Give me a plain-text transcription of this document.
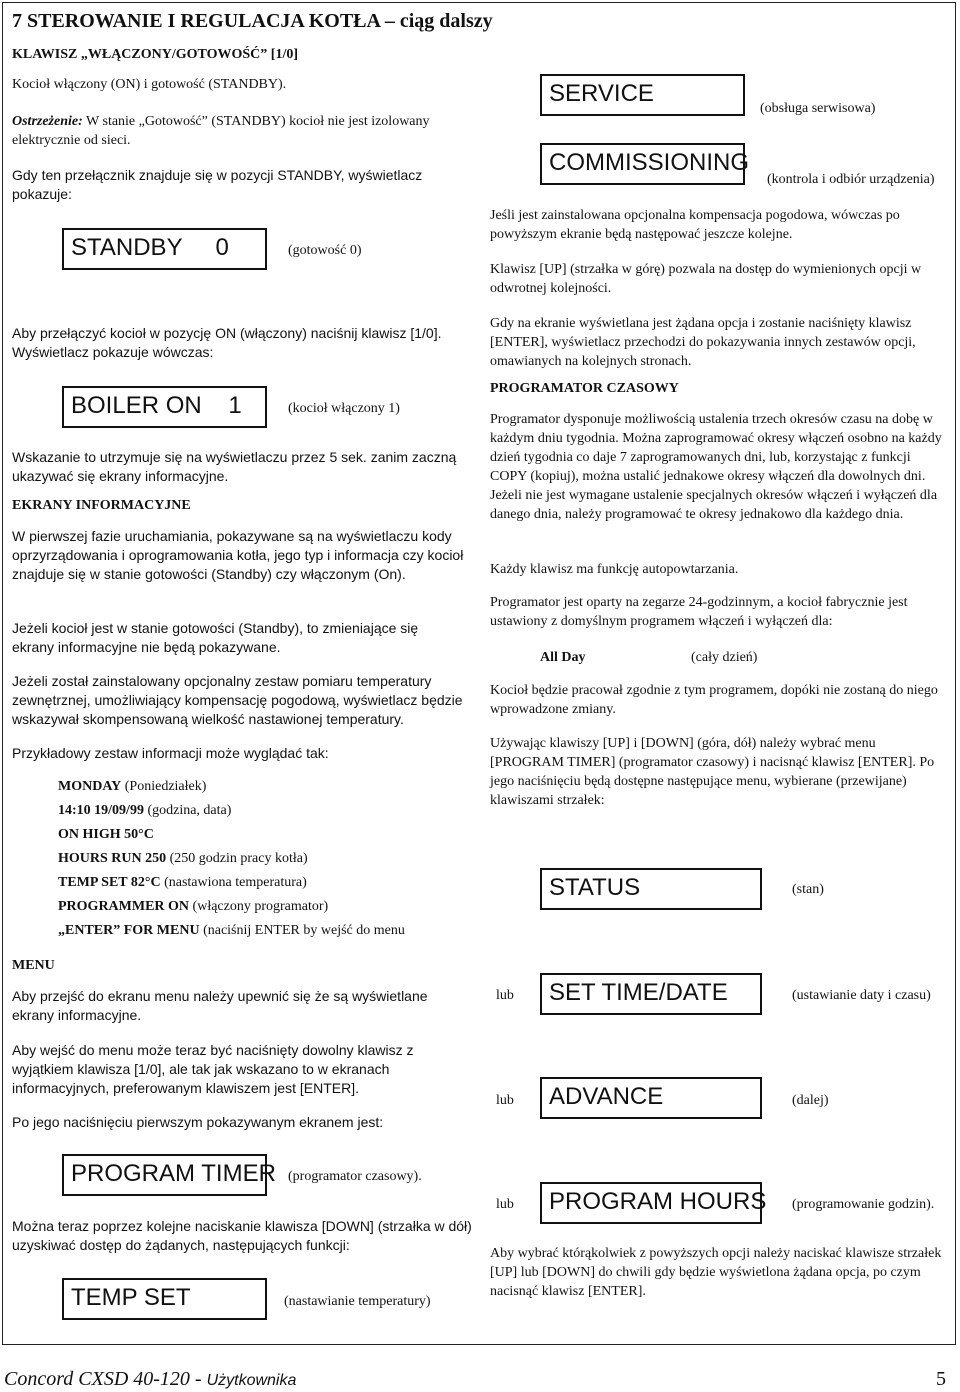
7 STEROWANIE I REGULACJA KOTŁA – ciąg dalszy
KLAWISZ „WŁĄCZONY/GOTOWOŚĆ” [1/0]
Kocioł włączony (ON) i gotowość (STANDBY).
Ostrzeżenie: W stanie „Gotowość” (STANDBY) kocioł nie jest izolowany elektrycznie od sieci.
Gdy ten przełącznik znajduje się w pozycji STANDBY, wyświetlacz pokazuje:
STANDBY     0	(gotowość 0)
Aby przełączyć kocioł w pozycję ON (włączony) naciśnij klawisz [1/0]. Wyświetlacz pokazuje wówczas:
BOILER ON    1	(kocioł włączony 1)
Wskazanie to utrzymuje się na wyświetlaczu przez 5 sek. zanim zaczną ukazywać się ekrany informacyjne.
EKRANY INFORMACYJNE
W pierwszej fazie uruchamiania, pokazywane są na wyświetlaczu kody oprzyrządowania i oprogramowania kotła, jego typ i informacja czy kocioł znajduje się w stanie gotowości (Standby) czy włączonym (On).
Jeżeli kocioł jest w stanie gotowości (Standby), to zmieniające się ekrany informacyjne nie będą pokazywane.
Jeżeli został zainstalowany opcjonalny zestaw pomiaru temperatury zewnętrznej, umożliwiający kompensację pogodową, wyświetlacz będzie wskazywał skompensowaną wielkość nastawionej temperatury.
Przykładowy zestaw informacji może wyglądać tak:
MONDAY (Poniedziałek)
14:10 19/09/99 (godzina, data)
ON HIGH 50°C
HOURS RUN 250 (250 godzin pracy kotła)
TEMP SET 82°C (nastawiona temperatura)
PROGRAMMER ON (włączony programator)
„ENTER” FOR MENU (naciśnij ENTER by wejść do menu
MENU
Aby przejść do ekranu menu należy upewnić się że są wyświetlane ekrany informacyjne.
Aby wejść do menu może teraz być naciśnięty dowolny klawisz z wyjątkiem klawisza [1/0], ale tak jak wskazano to w ekranach informacyjnych, preferowanym klawiszem jest [ENTER].
Po jego naciśnięciu pierwszym pokazywanym ekranem jest:
PROGRAM TIMER (programator czasowy).
Można teraz poprzez kolejne naciskanie klawisza [DOWN] (strzałka w dół) uzyskiwać dostęp do żądanych, następujących funkcji:
TEMP SET	(nastawianie temperatury)
SERVICE
(obsługa serwisowa)
COMMISSIONING
(kontrola i odbiór urządzenia)
Jeśli jest zainstalowana opcjonalna kompensacja pogodowa, wówczas po powyższym ekranie będą następować jeszcze kolejne.
Klawisz [UP] (strzałka w górę) pozwala na dostęp do wymienionych opcji w odwrotnej kolejności.
Gdy na ekranie wyświetlana jest żądana opcja i zostanie naciśnięty klawisz [ENTER], wyświetlacz przechodzi do pokazywania innych zestawów opcji, omawianych na kolejnych stronach.
PROGRAMATOR CZASOWY
Programator dysponuje możliwością ustalenia trzech okresów czasu na dobę w każdym dniu tygodnia. Można zaprogramować okresy włączeń osobno na każdy dzień tygodnia co daje 7 zaprogramowanych dni, lub, korzystając z funkcji COPY (kopiuj), można ustalić jednakowe okresy włączeń dla dowolnych dni. Jeżeli nie jest wymagane ustalenie specjalnych okresów włączeń i wyłączeń dla danego dnia, należy programować te okresy jednakowo dla każdego dnia.
Każdy klawisz ma funkcję autopowtarzania.
Programator jest oparty na zegarze 24-godzinnym, a kocioł fabrycznie jest ustawiony z domyślnym programem włączeń i wyłączeń dla:
All Day	(cały dzień)
Kocioł będzie pracował zgodnie z tym programem, dopóki nie zostaną do niego wprowadzone zmiany.
Używając klawiszy [UP] i [DOWN] (góra, dół) należy wybrać menu [PROGRAM TIMER] (programator czasowy) i nacisnąć klawisz [ENTER]. Po jego naciśnięciu będą dostępne następujące menu, wybierane (przewijane) klawiszami strzałek:
STATUS	(stan)
lub	SET TIME/DATE	(ustawianie daty i czasu)
lub	ADVANCE	(dalej)
lub	PROGRAM HOURS (programowanie godzin).
Aby wybrać którąkolwiek z powyższych opcji należy naciskać klawisze strzałek [UP] lub [DOWN] do chwili gdy będzie wyświetlona żądana opcja, po czym nacisnąć klawisz [ENTER].
Concord CXSD 40-120 - Użytkownika	5
